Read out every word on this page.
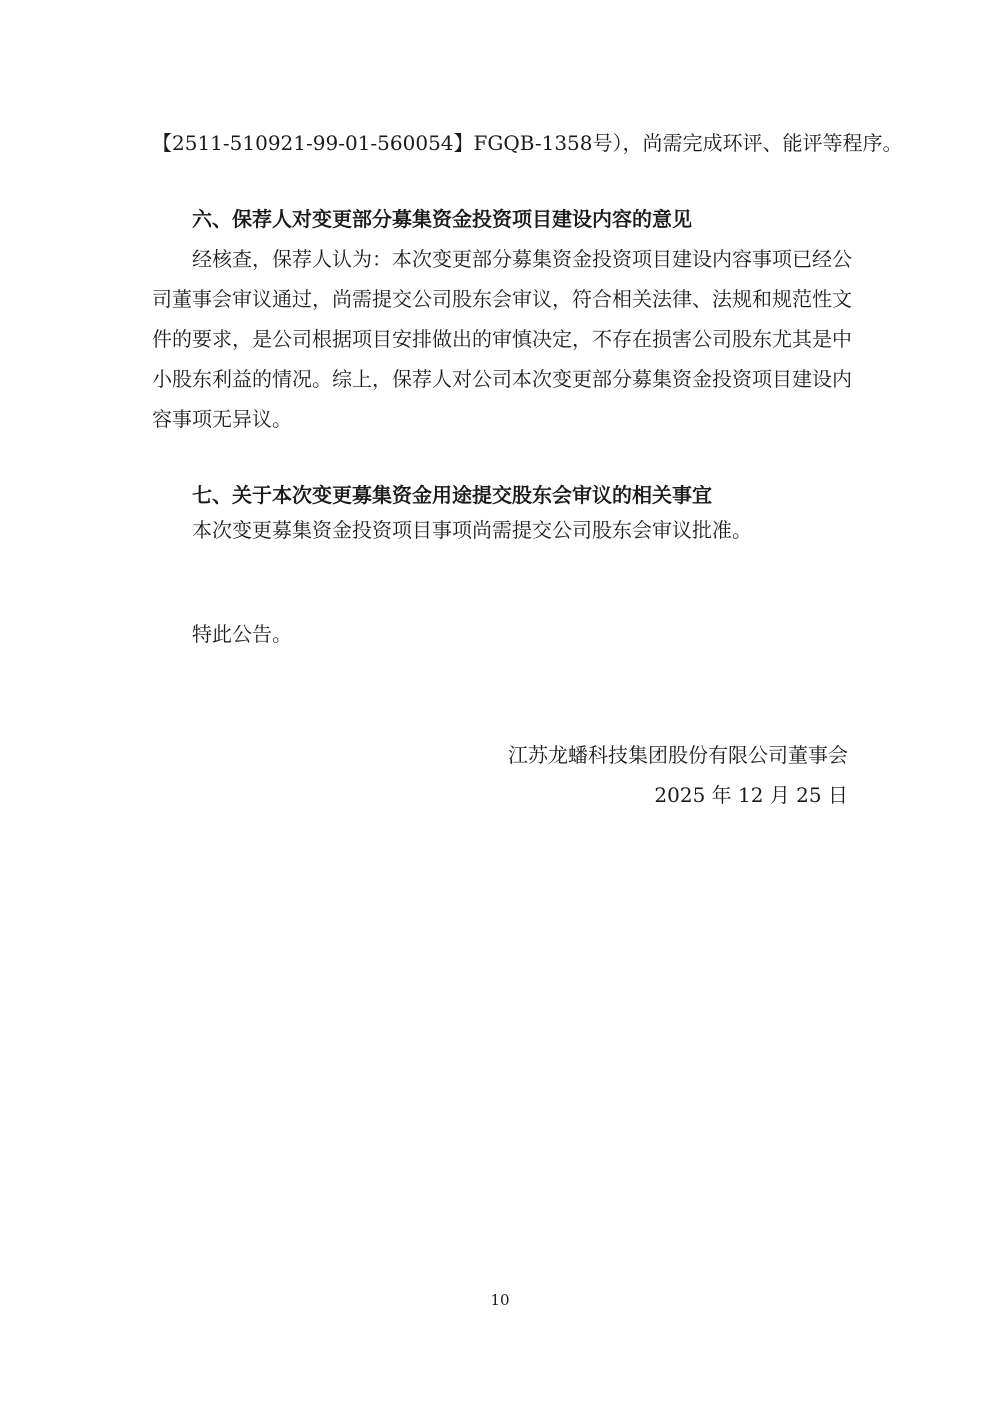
【2511-510921-99-01-560054】FGQB-1358号），尚需完成环评、能评等程序。
六、保荐人对变更部分募集资金投资项目建设内容的意见
经核查，保荐人认为：本次变更部分募集资金投资项目建设内容事项已经公司董事会审议通过，尚需提交公司股东会审议，符合相关法律、法规和规范性文件的要求，是公司根据项目安排做出的审慎决定，不存在损害公司股东尤其是中小股东利益的情况。综上，保荐人对公司本次变更部分募集资金投资项目建设内容事项无异议。
七、关于本次变更募集资金用途提交股东会审议的相关事宜
本次变更募集资金投资项目事项尚需提交公司股东会审议批准。
特此公告。
江苏龙蟠科技集团股份有限公司董事会
2025 年 12 月 25 日
10
